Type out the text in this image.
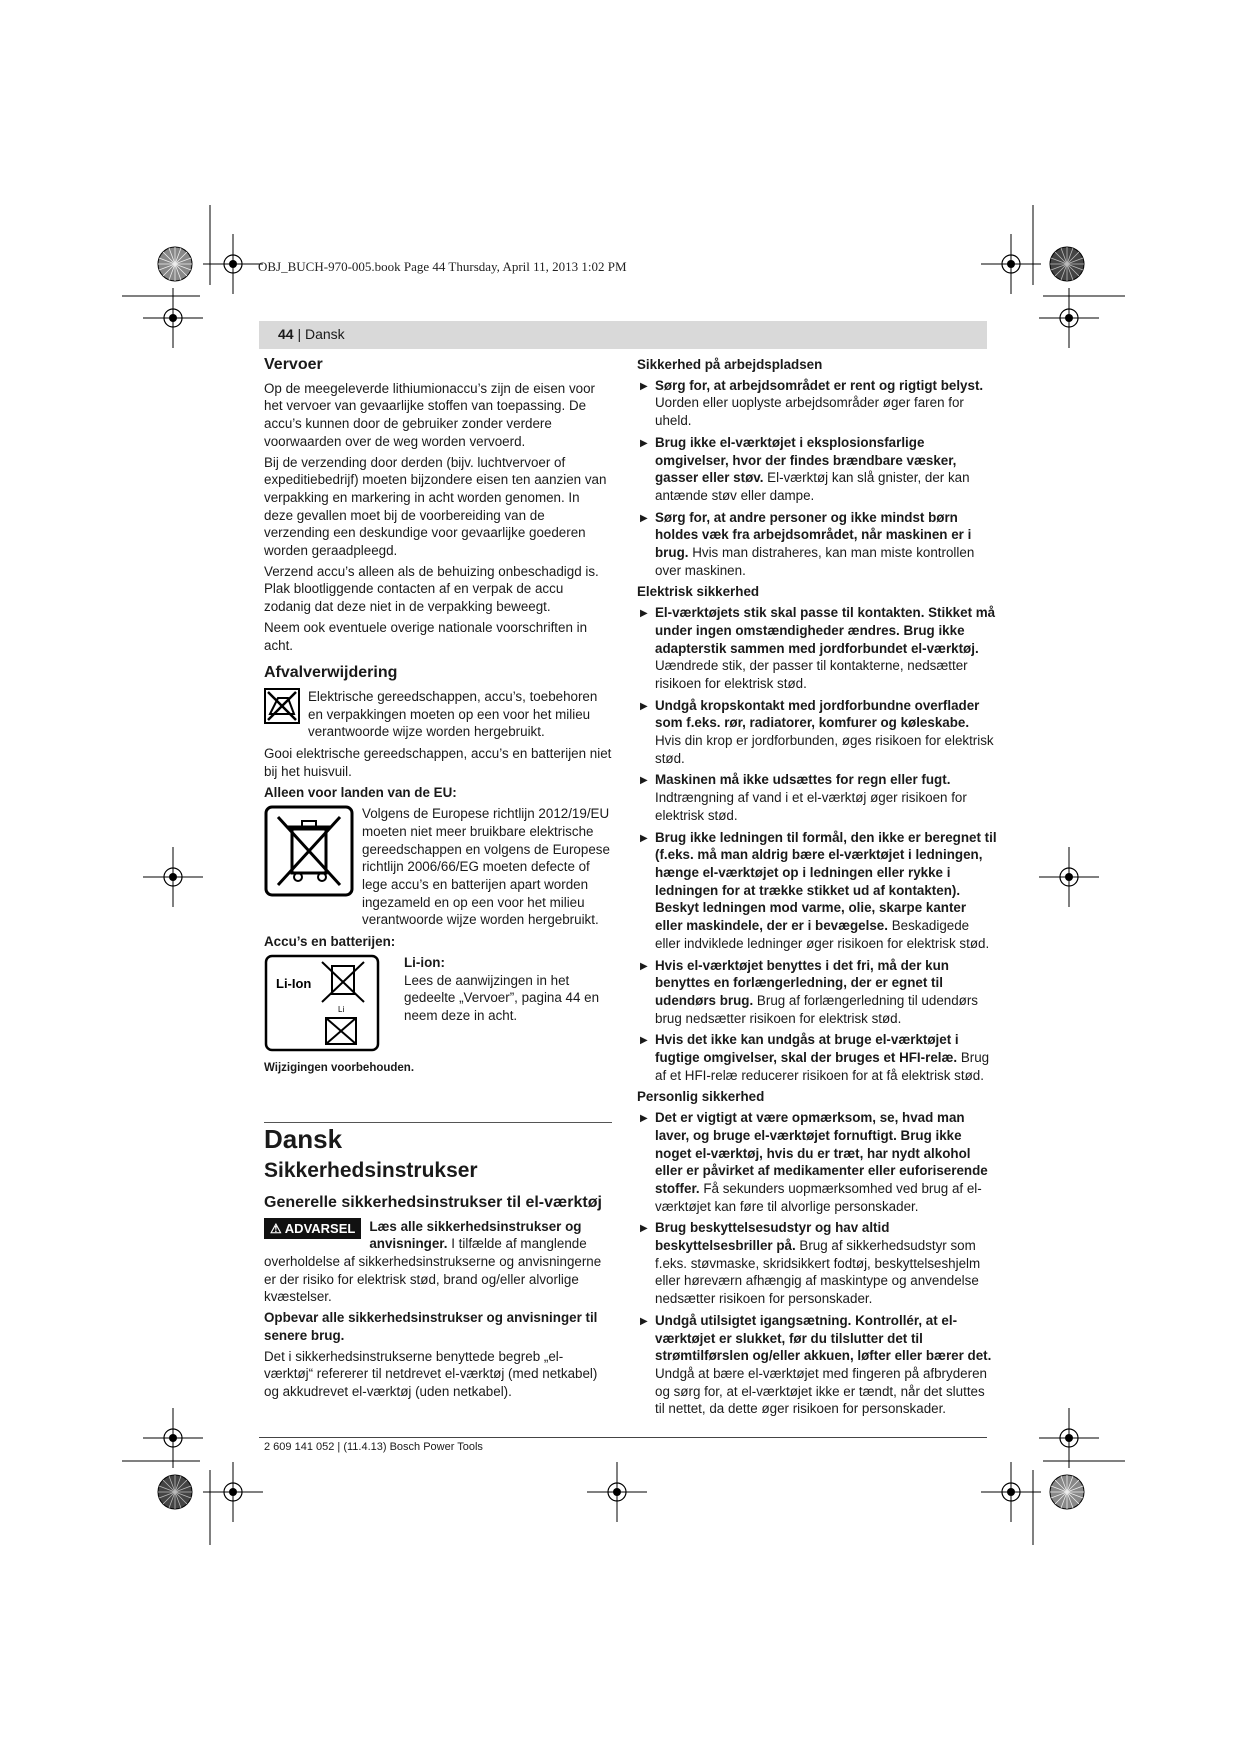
OBJ_BUCH-970-005.book Page 44 Thursday, April 11, 2013 1:02 PM
44 | Dansk
Vervoer

Op de meegeleverde lithiumionaccu’s zijn de eisen voor het vervoer van gevaarlijke stoffen van toepassing. De accu’s kunnen door de gebruiker zonder verdere voorwaarden over de weg worden vervoerd.

Bij de verzending door derden (bijv. luchtvervoer of expeditiebedrijf) moeten bijzondere eisen ten aanzien van verpakking en markering in acht worden genomen. In deze gevallen moet bij de voorbereiding van de verzending een deskundige voor gevaarlijke goederen worden geraadpleegd.

Verzend accu’s alleen als de behuizing onbeschadigd is. Plak blootliggende contacten af en verpak de accu zodanig dat deze niet in de verpakking beweegt.

Neem ook eventuele overige nationale voorschriften in acht.

Afvalverwijdering
Elektrische gereedschappen, accu’s, toebehoren en verpakkingen moeten op een voor het milieu verantwoorde wijze worden hergebruikt.

Gooi elektrische gereedschappen, accu’s en batterijen niet bij het huisvuil.

Alleen voor landen van de EU:
Volgens de Europese richtlijn 2012/19/EU moeten niet meer bruikbare elektrische gereedschappen en volgens de Europese richtlijn 2006/66/EG moeten defecte of lege accu’s en batterijen apart worden ingezameld en op een voor het milieu verantwoorde wijze worden hergebruikt.
Accu’s en batterijen:
Li-Ion
Li
Li-ion:
Lees de aanwijzingen in het gedeelte „Vervoer”, pagina 44 en neem deze in acht.
Wijzigingen voorbehouden.
Dansk
Sikkerhedsinstrukser
Generelle sikkerhedsinstrukser til el-værktøj

⚠ ADVARSEL	Læs alle sikkerhedsinstrukser og anvisninger. I tilfælde af manglende overholdelse af sikkerhedsinstrukserne og anvisningerne er der risiko for elektrisk stød, brand og/eller alvorlige kvæstelser.

Opbevar alle sikkerhedsinstrukser og anvisninger til senere brug.

Det i sikkerhedsinstrukserne benyttede begreb „el-værktøj“ refererer til netdrevet el-værktøj (med netkabel) og akkudrevet el-værktøj (uden netkabel).

Sikkerhed på arbejdspladsen
▶ Sørg for, at arbejdsområdet er rent og rigtigt belyst. Uorden eller uoplyste arbejdsområder øger faren for uheld.
▶ Brug ikke el-værktøjet i eksplosionsfarlige omgivelser, hvor der findes brændbare væsker, gasser eller støv. El-værktøj kan slå gnister, der kan antænde støv eller dampe.
▶ Sørg for, at andre personer og ikke mindst børn holdes væk fra arbejdsområdet, når maskinen er i brug. Hvis man distraheres, kan man miste kontrollen over maskinen.
Elektrisk sikkerhed
▶ El-værktøjets stik skal passe til kontakten. Stikket må under ingen omstændigheder ændres. Brug ikke adapterstik sammen med jordforbundet el-værktøj. Uændrede stik, der passer til kontakterne, nedsætter risikoen for elektrisk stød.
▶ Undgå kropskontakt med jordforbundne overflader som f.eks. rør, radiatorer, komfurer og køleskabe. Hvis din krop er jordforbunden, øges risikoen for elektrisk stød.
▶ Maskinen må ikke udsættes for regn eller fugt. Indtrængning af vand i et el-værktøj øger risikoen for elektrisk stød.
▶ Brug ikke ledningen til formål, den ikke er beregnet til (f.eks. må man aldrig bære el-værktøjet i ledningen, hænge el-værktøjet op i ledningen eller rykke i ledningen for at trække stikket ud af kontakten). Beskyt ledningen mod varme, olie, skarpe kanter eller maskindele, der er i bevægelse. Beskadigede eller indviklede ledninger øger risikoen for elektrisk stød.
▶ Hvis el-værktøjet benyttes i det fri, må der kun benyttes en forlængerledning, der er egnet til udendørs brug. Brug af forlængerledning til udendørs brug nedsætter risikoen for elektrisk stød.
▶ Hvis det ikke kan undgås at bruge el-værktøjet i fugtige omgivelser, skal der bruges et HFI-relæ. Brug af et HFI-relæ reducerer risikoen for at få elektrisk stød.
Personlig sikkerhed
▶ Det er vigtigt at være opmærksom, se, hvad man laver, og bruge el-værktøjet fornuftigt. Brug ikke noget el-værktøj, hvis du er træt, har nydt alkohol eller er påvirket af medikamenter eller euforiserende stoffer. Få sekunders uopmærksomhed ved brug af el-værktøjet kan føre til alvorlige personskader.
▶ Brug beskyttelsesudstyr og hav altid beskyttelsesbriller på. Brug af sikkerhedsudstyr som f.eks. støvmaske, skridsikkert fodtøj, beskyttelseshjelm eller høreværn afhængig af maskintype og anvendelse nedsætter risikoen for personskader.
▶ Undgå utilsigtet igangsætning. Kontrollér, at el-værktøjet er slukket, før du tilslutter det til strømtilførslen og/eller akkuen, løfter eller bærer det. Undgå at bære el-værktøjet med fingeren på afbryderen og sørg for, at el-værktøjet ikke er tændt, når det sluttes til nettet, da dette øger risikoen for personskader.
2 609 141 052 | (11.4.13) Bosch Power Tools
